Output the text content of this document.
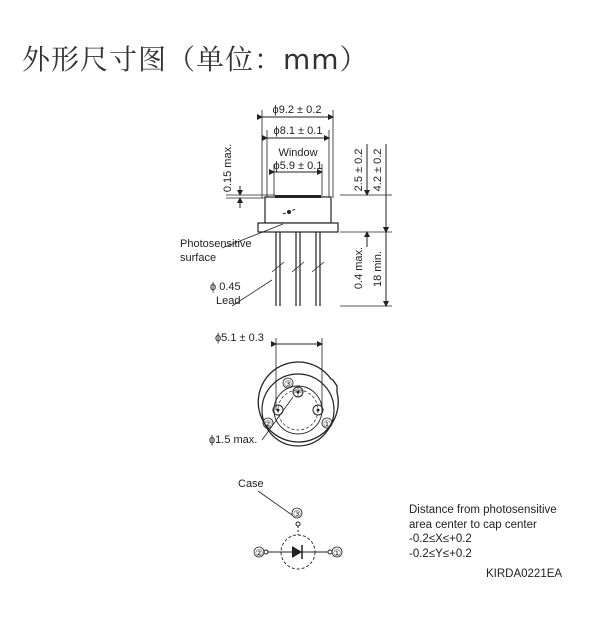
外形尺寸图（单位：mm）
ϕ9.2 ± 0.2
ϕ8.1 ± 0.1
Window
ϕ5.9 ± 0.1
0.15 max.	2.5 ± 0.2 4.2 ± 0.2
0.4 max. 18 min.
Photosensitive
surface
ϕ 0.45
Lead
ϕ5.1 ± 0.3
ϕ1.5 max.
③
②	①
Case
③
②	①
Distance from photosensitive
area center to cap center
-0.2≤X≤+0.2
-0.2≤Y≤+0.2
KIRDA0221EA
